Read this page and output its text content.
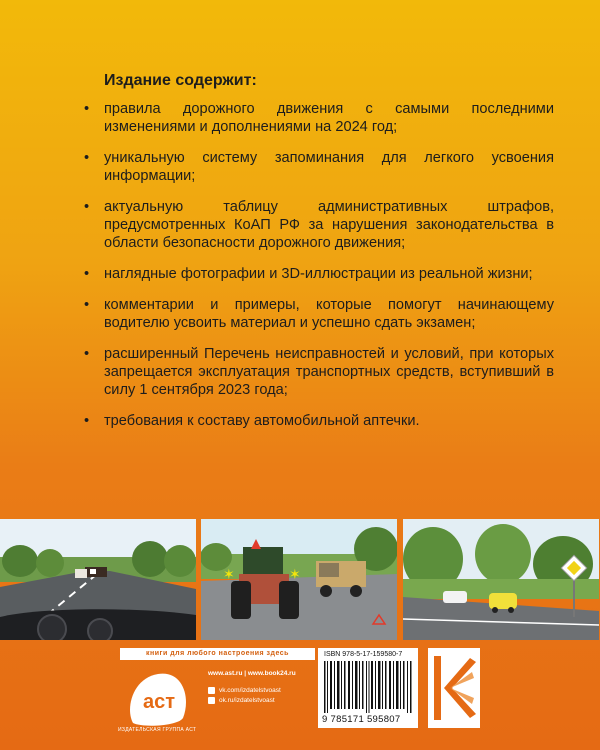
Издание содержит:
• правила дорожного движения с самыми последними изменениями и дополнениями на 2024 год;
• уникальную систему запоминания для легкого усвоения информации;
• актуальную таблицу административных штрафов, предусмотренных КоАП РФ за нарушения законодательства в области безопасности дорожного движения;
• наглядные фотографии и 3D-иллюстрации из реальной жизни;
• комментарии и примеры, которые помогут начинающему водителю усвоить материал и успешно сдать экзамен;
• расширенный Перечень неисправностей и условий, при которых запрещается эксплуатация транспортных средств, вступивший в силу 1 сентября 2023 года;
• требования к составу автомобильной аптечки.
✶	✶
книги для любого настроения здесь
аст
ИЗДАТЕЛЬСКАЯ ГРУППА АСТ
www.ast.ru | www.book24.ru
vk.com/izdatelstvoast
ok.ru/izdatelstvoast
ISBN 978-5-17-159580-7
9 785171 595807
